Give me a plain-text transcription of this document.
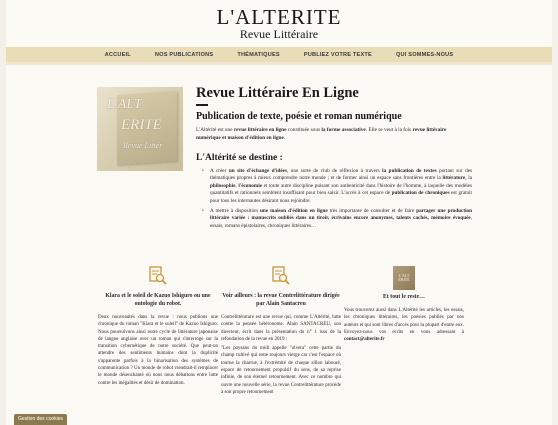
L'ALTERITE
Revue Littéraire
ACCUEIL	NOS PUBLICATIONS	THÉMATIQUES	PUBLIEZ VOTRE TEXTE	QUI SOMMES-NOUS
L'ALT
ERITE
Revue Littér
Revue Littéraire En Ligne
Publication de texte, poésie et roman numérique

L'Altérité est une revue littéraire en ligne constituée sous la forme associative. Elle se veut à la fois revue littéraire numérique et maison d'édition en ligne.

L'Altérité se destine :
• A créer un site d'échange d'idées, une sorte de club de réflexion à travers la publication de textes portant sur des thématiques propres à mieux comprendre notre monde ; et de former ainsi un espace sans frontières entre la littérature, la philosophie, l'économie et toute autre discipline puisant son authenticité dans l'histoire de l'homme, à laquelle des modèles quantitatifs et rationnels semblent insuffisant pour bien saisir. L'accès à cet espace de publication de chroniques est gratuit pour tous les internautes désirant nous rejoindre.
• A mettre à disposition une maison d'édition en ligne très importante de consulter et de faire partager une production littéraire variée : manuscrits oubliés dans un tiroir, écrivains encore anonymes, talents cachés, mémoire évoquée, essais, romans épistolaires, chroniques littéraires…
Klara et le soleil de Kazuo Ishiguro ou une ontologie du robot.

Deux nouveautés dans la revue : nous publions une chronique du roman "Klara et le soleil" de Kazuo Ishiguro. Nous poursuivons ainsi notre cycle de littérature japonaise de langue anglaise avec un roman qui s'interroge sur la transition cybernétique de notre société. Que peut-on attendre des sentiments humains dont la duplicité s'apparente parfois à la binarisation des systèmes de communication ? Un monde de robot viendrait-il remplacer le monde désenchanté où nous nous débattons entre lutte contre les inégalités et désir de domination.

Voir ailleurs : la revue Contrelittérature dirigée par Alain Santacreu

Contrelittérature est une revue qui, comme L'Altérité, lutte contre la pensée hétéronome. Alain SANTACREU, son directeur, écrit dans la présentation du n° 1 issu de la refondation de la revue en 2019 :

"Les paysans du midi appelle "ulvera" cette partie du champ cultivé qui reste toujours vierge car c'est l'espace où tourne la charrue, à l'extrémité de chaque sillon labouré, espace de retournement propulsif du sens, de sa reprise infinie, de son éternel retournement. Avec ce nombre qui ouvre une nouvelle série, la revue Contrelittérature procède à son propre retournement

L'ALT
ERITE
Et tout le reste…

Vous trouverez aussi dans L'Altérité les articles, les essais, les chroniques littéraires, les poésies publiés par nos auteurs et qui sont libres d'accès pour la plupart d'entre eux. Envoyez-nous vos écrits en vous adressant à contact@alterite.fr

Gestion des cookies
